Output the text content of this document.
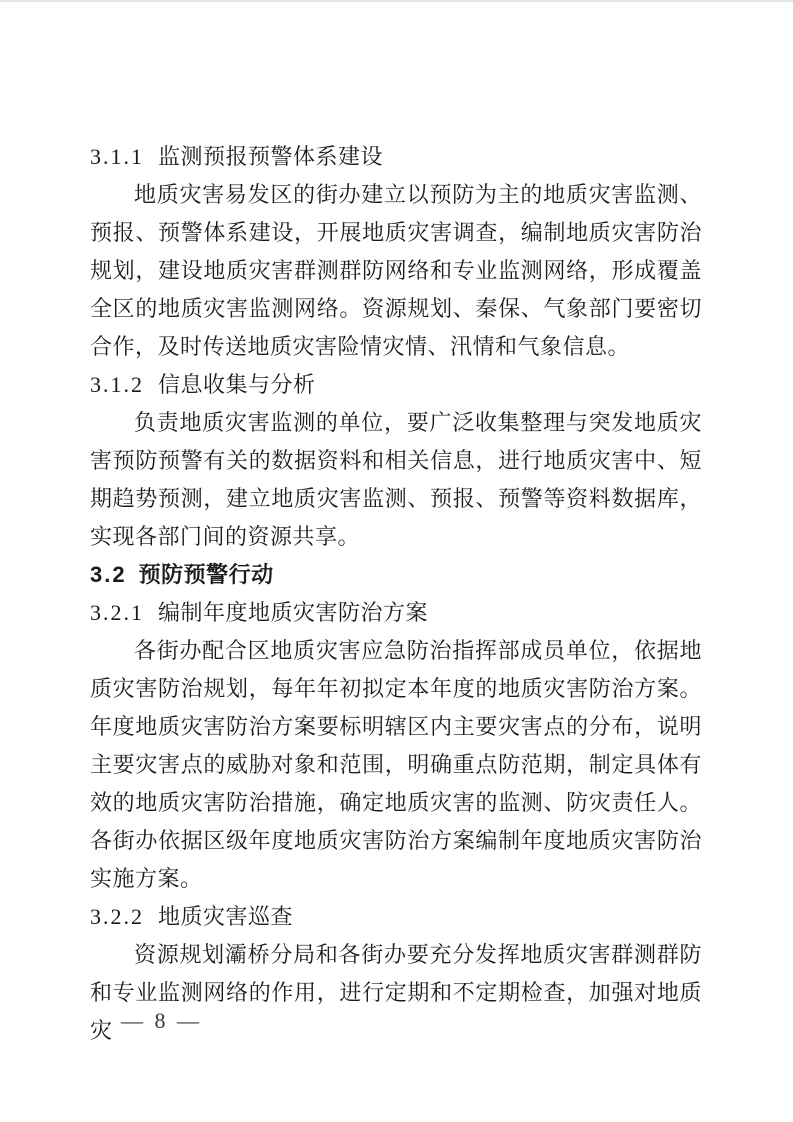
3.1.1 监测预报预警体系建设

地质灾害易发区的街办建立以预防为主的地质灾害监测、预报、预警体系建设，开展地质灾害调查，编制地质灾害防治规划，建设地质灾害群测群防网络和专业监测网络，形成覆盖全区的地质灾害监测网络。资源规划、秦保、气象部门要密切合作，及时传送地质灾害险情灾情、汛情和气象信息。

3.1.2 信息收集与分析

负责地质灾害监测的单位，要广泛收集整理与突发地质灾害预防预警有关的数据资料和相关信息，进行地质灾害中、短期趋势预测，建立地质灾害监测、预报、预警等资料数据库，实现各部门间的资源共享。

3.2 预防预警行动
3.2.1 编制年度地质灾害防治方案

各街办配合区地质灾害应急防治指挥部成员单位，依据地质灾害防治规划，每年年初拟定本年度的地质灾害防治方案。年度地质灾害防治方案要标明辖区内主要灾害点的分布，说明主要灾害点的威胁对象和范围，明确重点防范期，制定具体有效的地质灾害防治措施，确定地质灾害的监测、防灾责任人。各街办依据区级年度地质灾害防治方案编制年度地质灾害防治实施方案。

3.2.2 地质灾害巡查

资源规划灞桥分局和各街办要充分发挥地质灾害群测群防和专业监测网络的作用，进行定期和不定期检查，加强对地质灾 — 8 —
